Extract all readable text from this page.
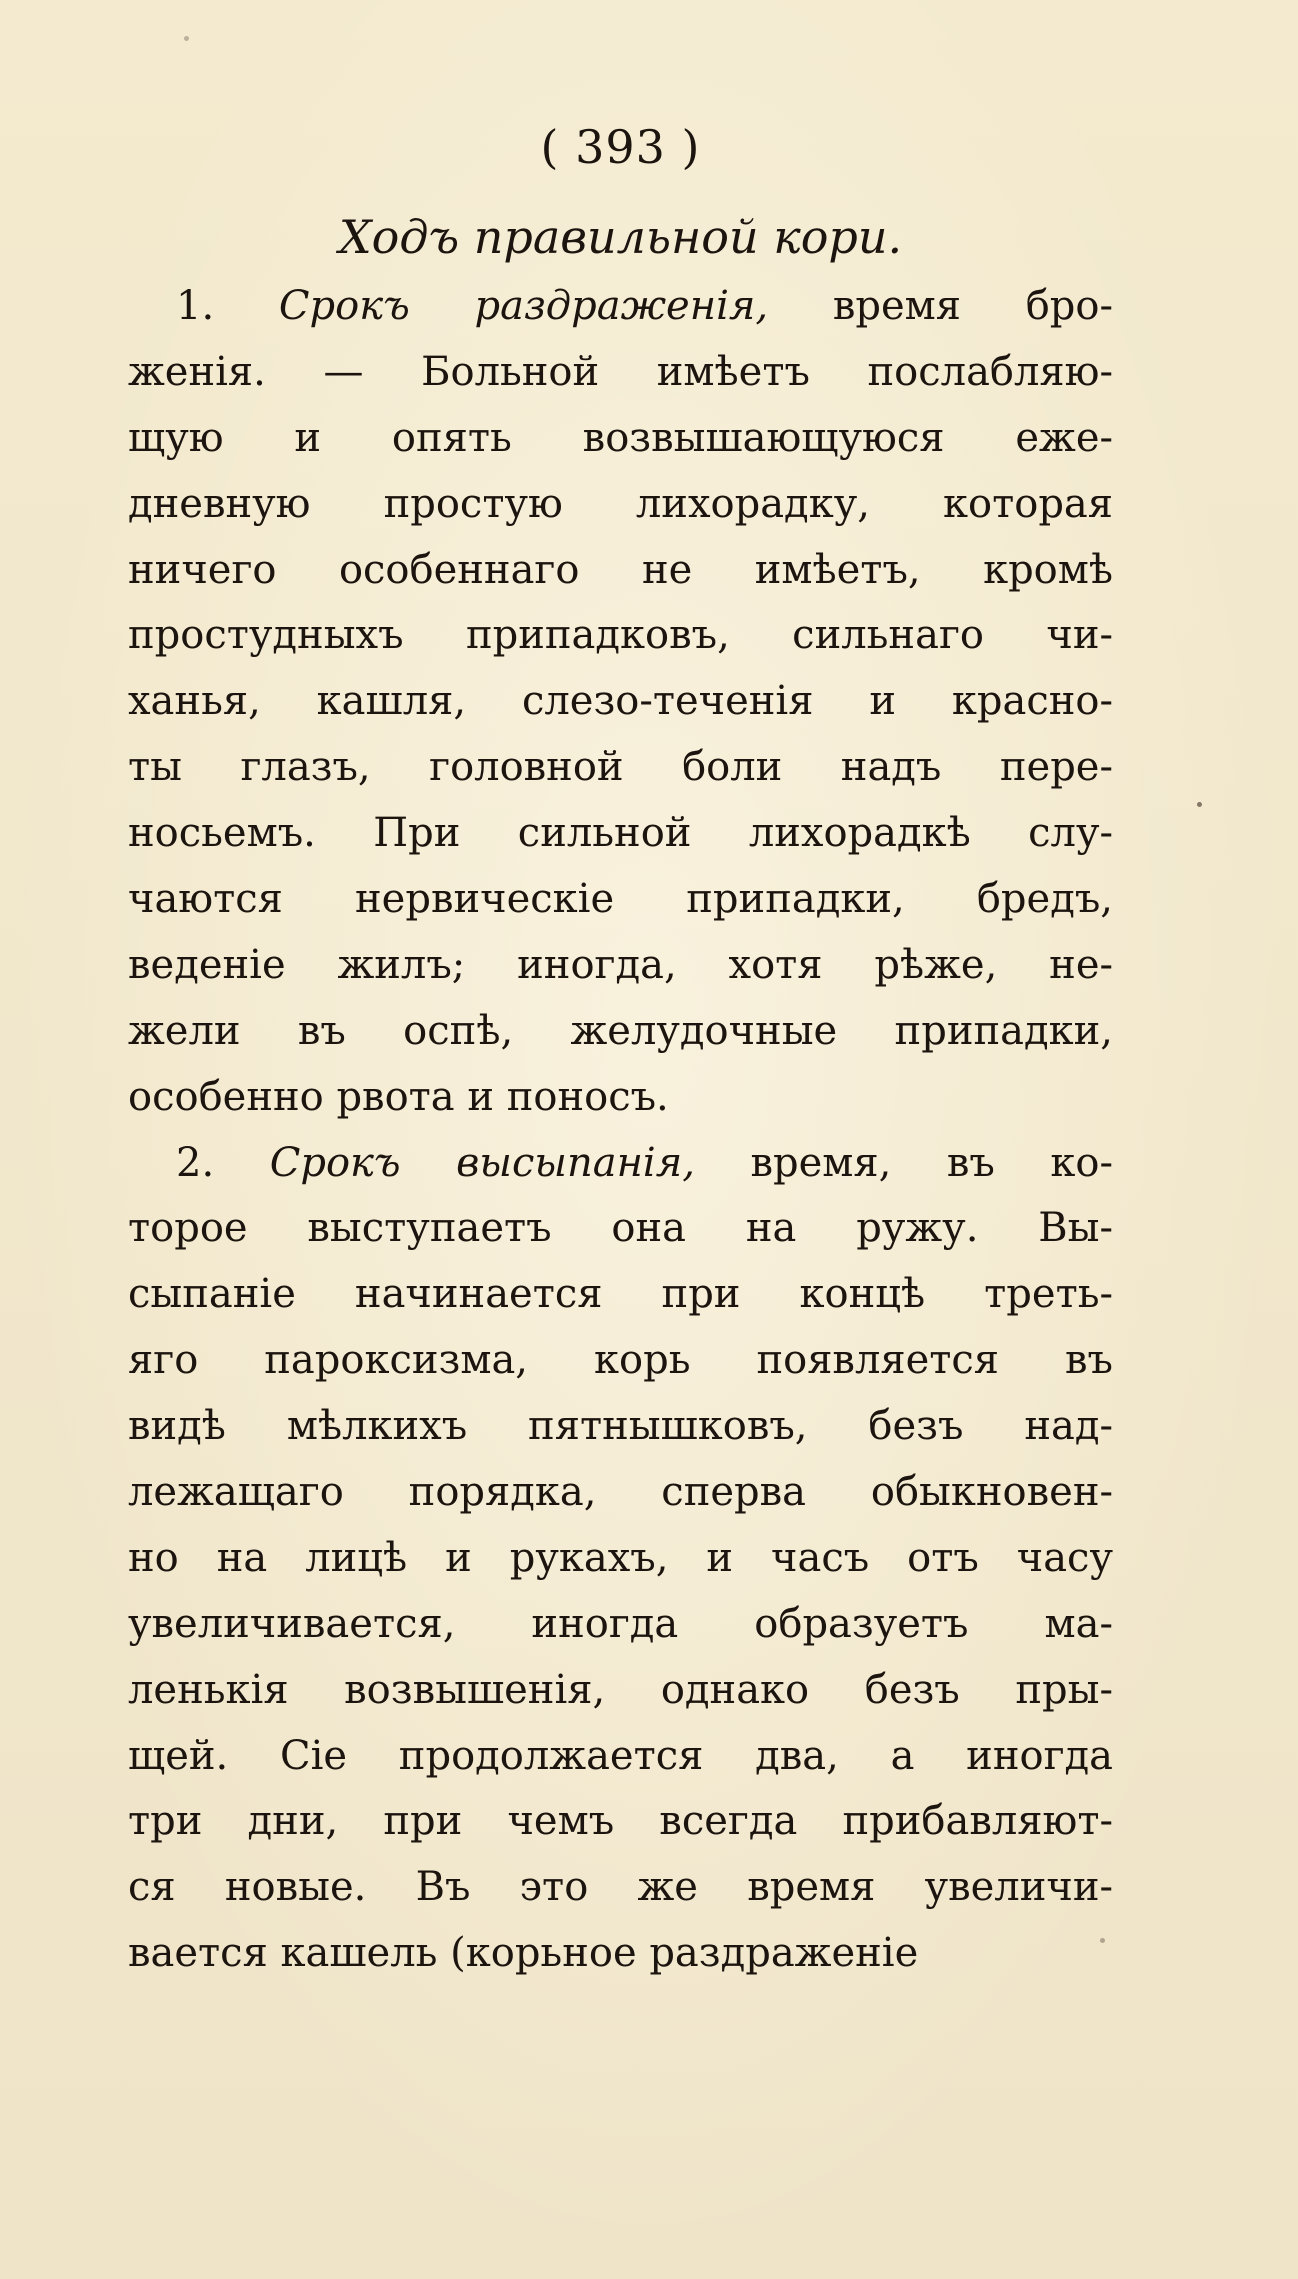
( 393 )
Ходъ правильной кори.
1. Срокъ раздраженія, время бро-
женія. — Больной имѣетъ послабляю-
щую и опять возвышающуюся еже-
дневную простую лихорадку, которая
ничего особеннаго не имѣетъ, кромѣ
простудныхъ припадковъ, сильнаго чи-
ханья, кашля, слезо-теченія и красно-
ты глазъ, головной боли надъ пере-
носьемъ. При сильной лихорадкѣ слу-
чаются нервическіе припадки, бредъ,
веденіе жилъ; иногда, хотя рѣже, не-
жели въ оспѣ, желудочные припадки,
особенно рвота и поносъ.
2. Срокъ высыпанія, время, въ ко-
торое выступаетъ она на ружу. Вы-
сыпаніе начинается при концѣ треть-
яго пароксизма, корь появляется въ
видѣ мѣлкихъ пятнышковъ, безъ над-
лежащаго порядка, сперва обыкновен-
но на лицѣ и рукахъ, и часъ отъ часу
увеличивается, иногда образуетъ ма-
ленькія возвышенія, однако безъ пры-
щей. Сіе продолжается два, а иногда
три дни, при чемъ всегда прибавляют-
ся новые. Въ это же время увеличи-
вается кашель (корьное раздраженіе
